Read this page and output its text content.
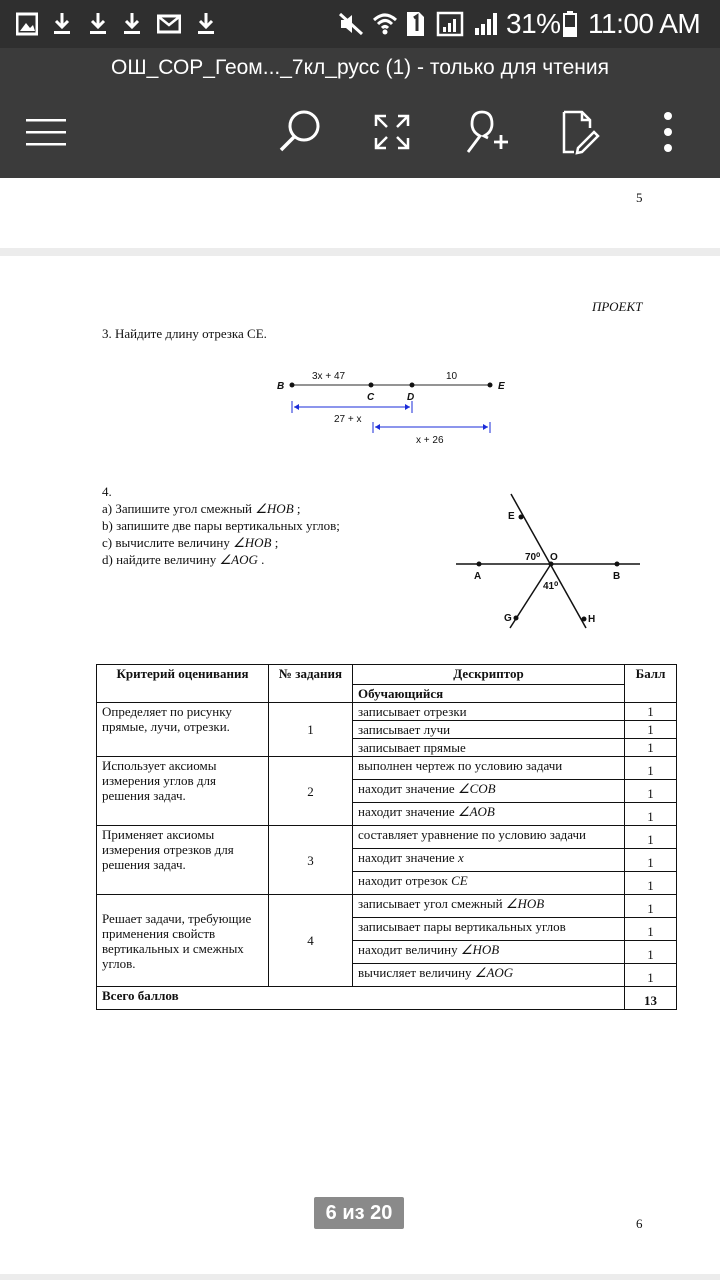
31% 11:00 AM
ОШ_СОР_Геом..._7кл_русс (1) - только для чтения
5
ПРОЕКТ
3. Найдите длину отрезка CE.
3x + 47	10
B	E
C	D
27 + x
x + 26
4.
a) Запишите угол смежный ∠HOB ;
b) запишите две пары вертикальных углов;
c) вычислите величину ∠HOB ;
d) найдите величину ∠AOG .
E
O
70⁰
A	B
41⁰
G	H
Критерий оценивания	№ задания	Дескриптор	Балл
		Обучающийся	
Определяет по рисунку прямые, лучи, отрезки.	1	записывает отрезки	1
		записывает лучи	1
		записывает прямые	1
Использует аксиомы измерения углов для решения задач.	2	выполнен чертеж по условию задачи	1
		находит значение ∠COB	1
		находит значение ∠AOB	1
Применяет аксиомы измерения отрезков для решения задач.	3	составляет уравнение по условию задачи	1
		находит значение x	1
		находит отрезок CE	1
Решает задачи, требующие применения свойств вертикальных и смежных углов.	4	записывает угол смежный ∠HOB	1
		записывает пары вертикальных углов	1
		находит величину ∠HOB	1
		вычисляет величину ∠AOG	1
Всего баллов			13
6
6 из 20
